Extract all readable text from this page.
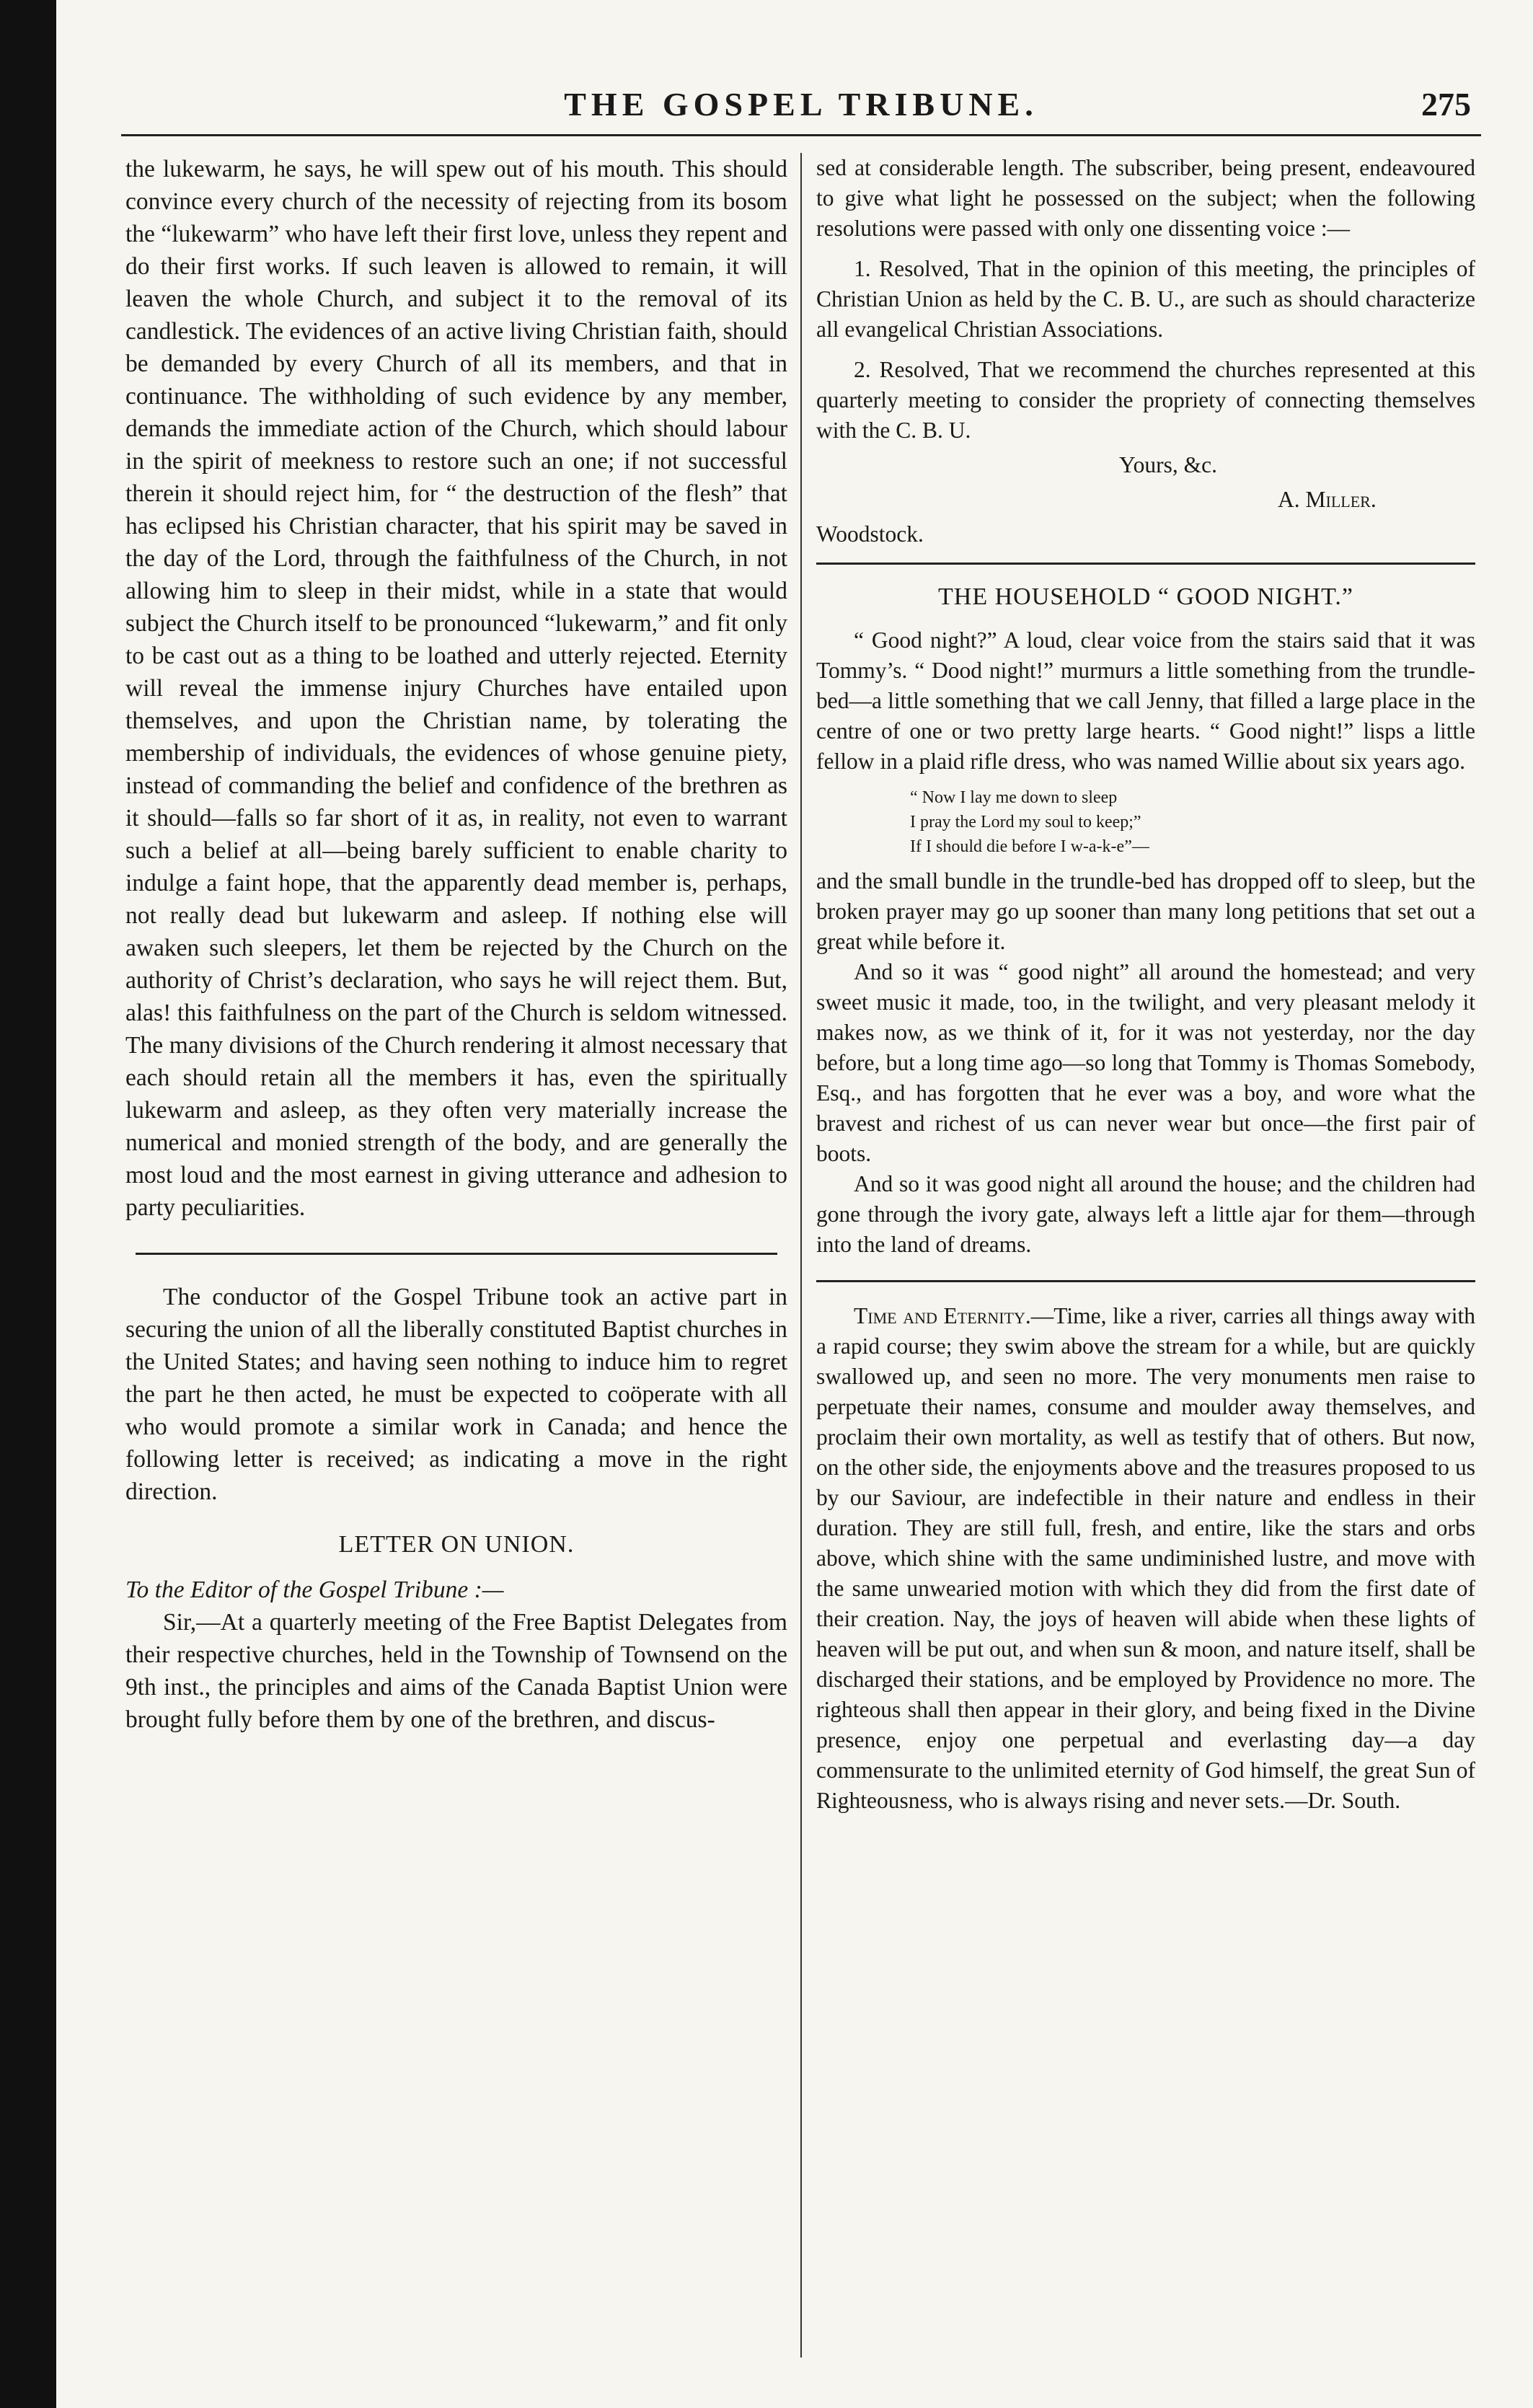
THE GOSPEL TRIBUNE.	275

the lukewarm, he says, he will spew out of his mouth. This should convince every church of the necessity of rejecting from its bosom the “lukewarm” who have left their first love, unless they repent and do their first works. If such leaven is allowed to remain, it will leaven the whole Church, and subject it to the removal of its candlestick. The evidences of an active living Christian faith, should be demanded by every Church of all its members, and that in continuance. The withholding of such evidence by any member, demands the immediate action of the Church, which should labour in the spirit of meekness to restore such an one; if not successful therein it should reject him, for “ the destruction of the flesh” that has eclipsed his Christian character, that his spirit may be saved in the day of the Lord, through the faithfulness of the Church, in not allowing him to sleep in their midst, while in a state that would subject the Church itself to be pronounced “lukewarm,” and fit only to be cast out as a thing to be loathed and utterly rejected. Eternity will reveal the immense injury Churches have entailed upon themselves, and upon the Christian name, by tolerating the membership of individuals, the evidences of whose genuine piety, instead of commanding the belief and confidence of the brethren as it should—falls so far short of it as, in reality, not even to warrant such a belief at all—being barely sufficient to enable charity to indulge a faint hope, that the apparently dead member is, perhaps, not really dead but lukewarm and asleep. If nothing else will awaken such sleepers, let them be rejected by the Church on the authority of Christ’s declaration, who says he will reject them. But, alas! this faithfulness on the part of the Church is seldom witnessed. The many divisions of the Church rendering it almost necessary that each should retain all the members it has, even the spiritually lukewarm and asleep, as they often very materially increase the numerical and monied strength of the body, and are generally the most loud and the most earnest in giving utterance and adhesion to party peculiarities.

The conductor of the Gospel Tribune took an active part in securing the union of all the liberally constituted Baptist churches in the United States; and having seen nothing to induce him to regret the part he then acted, he must be expected to coöperate with all who would promote a similar work in Canada; and hence the following letter is received; as indicating a move in the right direction.

LETTER ON UNION.

To the Editor of the Gospel Tribune :—

Sir,—At a quarterly meeting of the Free Baptist Delegates from their respective churches, held in the Township of Townsend on the 9th inst., the principles and aims of the Canada Baptist Union were brought fully before them by one of the brethren, and discus-

sed at considerable length. The subscriber, being present, endeavoured to give what light he possessed on the subject; when the following resolutions were passed with only one dissenting voice :—

1. Resolved, That in the opinion of this meeting, the principles of Christian Union as held by the C. B. U., are such as should characterize all evangelical Christian Associations.

2. Resolved, That we recommend the churches represented at this quarterly meeting to consider the propriety of connecting themselves with the C. B. U.

Yours, &c.
A. Miller.
Woodstock.
THE HOUSEHOLD “ GOOD NIGHT.”

“ Good night?” A loud, clear voice from the stairs said that it was Tommy’s. “ Dood night!” murmurs a little something from the trundle-bed—a little something that we call Jenny, that filled a large place in the centre of one or two pretty large hearts. “ Good night!” lisps a little fellow in a plaid rifle dress, who was named Willie about six years ago.

“ Now I lay me down to sleep
I pray the Lord my soul to keep;”
If I should die before I w-a-k-e”—

and the small bundle in the trundle-bed has dropped off to sleep, but the broken prayer may go up sooner than many long petitions that set out a great while before it.

And so it was “ good night” all around the homestead; and very sweet music it made, too, in the twilight, and very pleasant melody it makes now, as we think of it, for it was not yesterday, nor the day before, but a long time ago—so long that Tommy is Thomas Somebody, Esq., and has forgotten that he ever was a boy, and wore what the bravest and richest of us can never wear but once—the first pair of boots.

And so it was good night all around the house; and the children had gone through the ivory gate, always left a little ajar for them—through into the land of dreams.

Time and Eternity.—Time, like a river, carries all things away with a rapid course; they swim above the stream for a while, but are quickly swallowed up, and seen no more. The very monuments men raise to perpetuate their names, consume and moulder away themselves, and proclaim their own mortality, as well as testify that of others. But now, on the other side, the enjoyments above and the treasures proposed to us by our Saviour, are indefectible in their nature and endless in their duration. They are still full, fresh, and entire, like the stars and orbs above, which shine with the same undiminished lustre, and move with the same unwearied motion with which they did from the first date of their creation. Nay, the joys of heaven will abide when these lights of heaven will be put out, and when sun & moon, and nature itself, shall be discharged their stations, and be employed by Providence no more. The righteous shall then appear in their glory, and being fixed in the Divine presence, enjoy one perpetual and everlasting day—a day commensurate to the unlimited eternity of God himself, the great Sun of Righteousness, who is always rising and never sets.—Dr. South.
